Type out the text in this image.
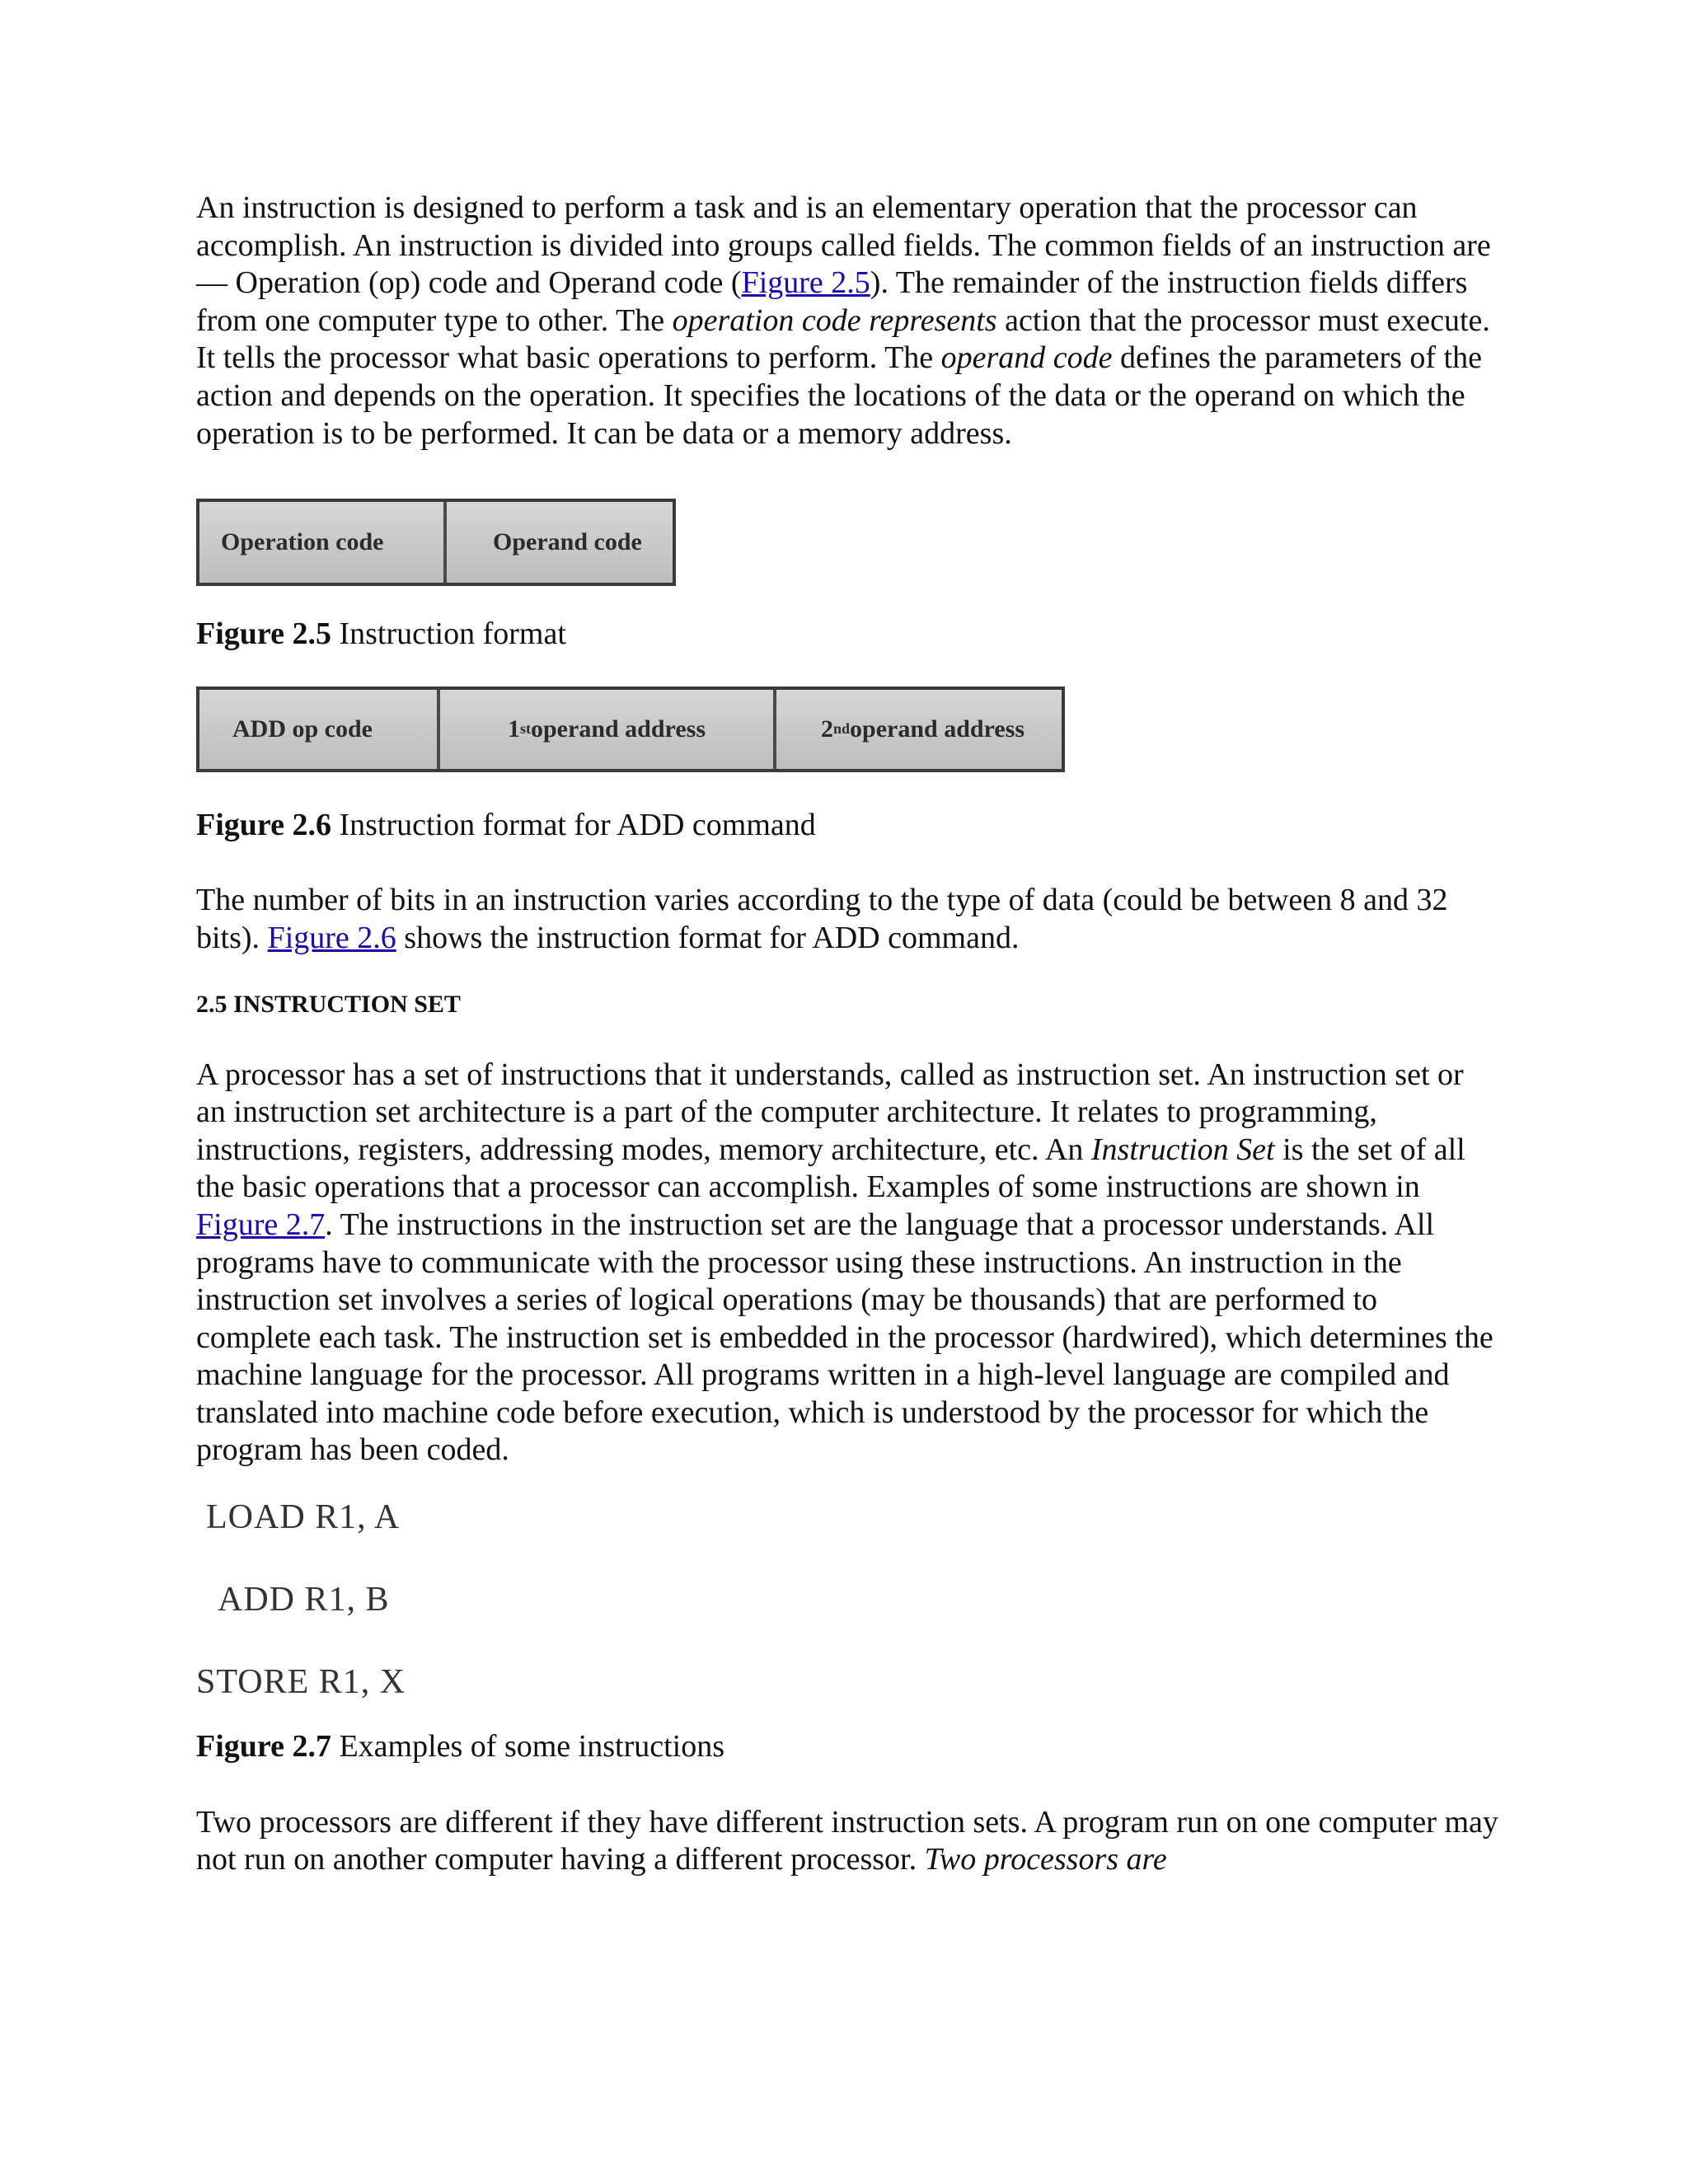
An instruction is designed to perform a task and is an elementary operation that the processor can accomplish. An instruction is divided into groups called fields. The common fields of an instruction are— Operation (op) code and Operand code (Figure 2.5). The remainder of the instruction fields differs from one computer type to other. The operation code represents action that the processor must execute. It tells the processor what basic operations to perform. The operand code defines the parameters of the action and depends on the operation. It specifies the locations of the data or the operand on which the operation is to be performed. It can be data or a memory address.

Operation code	Operand code

Figure 2.5 Instruction format

ADD op code	1 st operand address	2 nd operand address

Figure 2.6 Instruction format for ADD command

The number of bits in an instruction varies according to the type of data (could be between 8 and 32 bits). Figure 2.6 shows the instruction format for ADD command.

2.5 INSTRUCTION SET

A processor has a set of instructions that it understands, called as instruction set. An instruction set or an instruction set architecture is a part of the computer architecture. It relates to programming, instructions, registers, addressing modes, memory architecture, etc. An Instruction Set is the set of all the basic operations that a processor can accomplish. Examples of some instructions are shown in Figure 2.7. The instructions in the instruction set are the language that a processor understands. All programs have to communicate with the processor using these instructions. An instruction in the instruction set involves a series of logical operations (may be thousands) that are performed to complete each task. The instruction set is embedded in the processor (hardwired), which determines the machine language for the processor. All programs written in a high-level language are compiled and translated into machine code before execution, which is understood by the processor for which the program has been coded.

LOAD R1, A

ADD R1, B

STORE R1, X

Figure 2.7 Examples of some instructions

Two processors are different if they have different instruction sets. A program run on one computer may not run on another computer having a different processor. Two processors are
